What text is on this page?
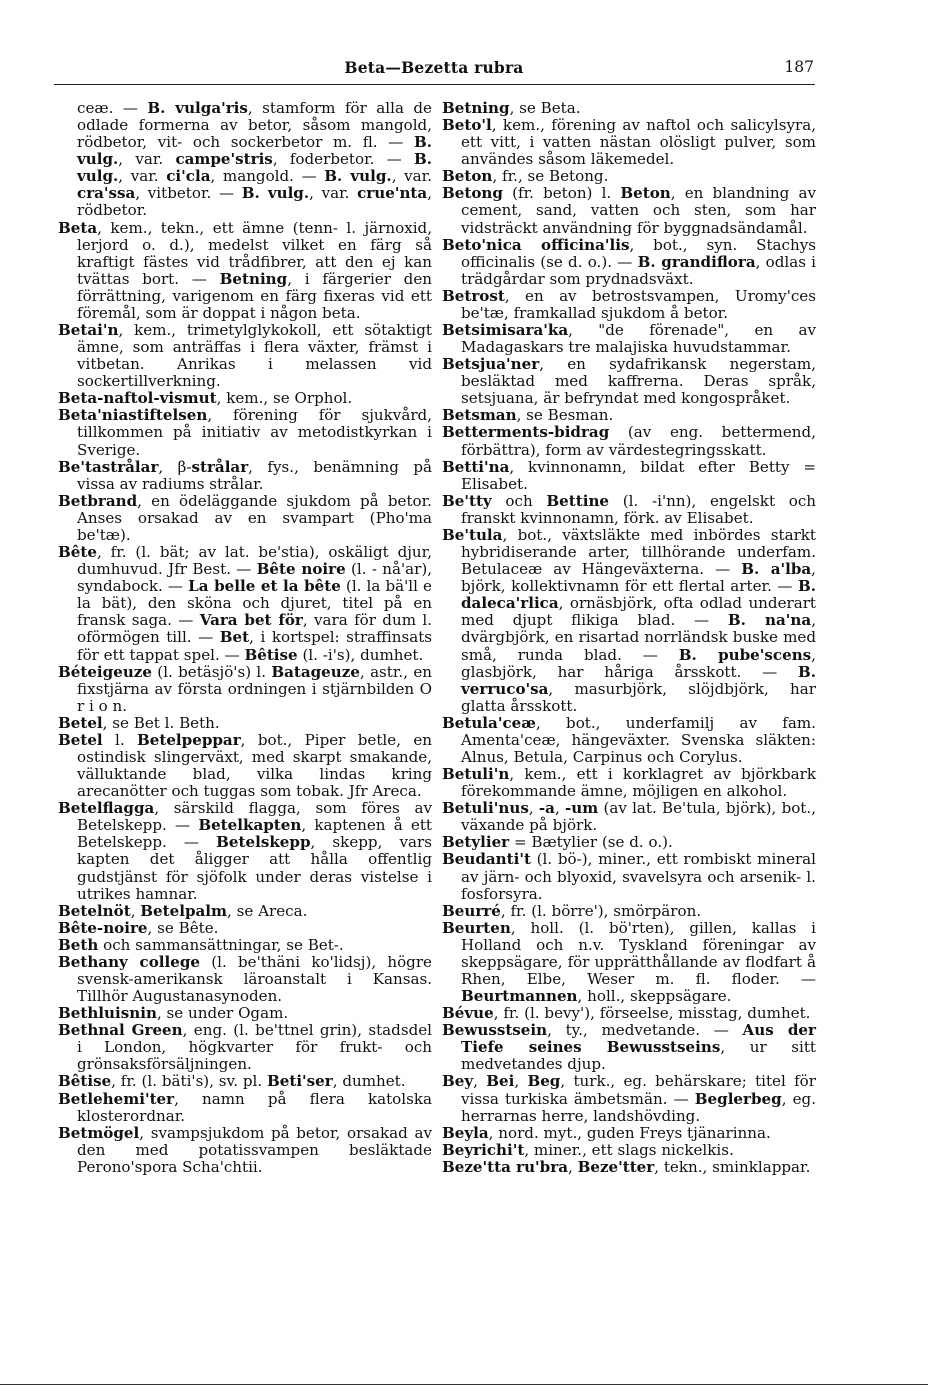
Beta—Bezetta rubra	187

ceæ. — B. vulga'ris, stamform för alla de odlade formerna av betor, såsom mangold, rödbetor, vit- och sockerbetor m. fl. — B. vulg., var. campe'stris, foderbetor. — B. vulg., var. ci'cla, mangold. — B. vulg., var. cra'ssa, vitbetor. — B. vulg., var. crue'nta, rödbetor.

Beta, kem., tekn., ett ämne (tenn- l. järnoxid, lerjord o. d.), medelst vilket en färg så kraftigt fästes vid trådfibrer, att den ej kan tvättas bort. — Betning, i färgerier den förrättning, varigenom en färg fixeras vid ett föremål, som är doppat i någon beta.

Betai'n, kem., trimetylglykokoll, ett sötaktigt ämne, som anträffas i flera växter, främst i vitbetan. Anrikas i melassen vid sockertillverkning.

Beta-naftol-vismut, kem., se Orphol.

Beta'niastiftelsen, förening för sjukvård, tillkommen på initiativ av metodistkyrkan i Sverige.

Be'tastrålar, β-strålar, fys., benämning på vissa av radiums strålar.

Betbrand, en ödeläggande sjukdom på betor. Anses orsakad av en svampart (Pho'ma be'tæ).

Bête, fr. (l. bät; av lat. be'stia), oskäligt djur, dumhuvud. Jfr Best. — Bête noire (l. - nå'ar), syndabock. — La belle et la bête (l. la bä'll e la bät), den sköna och djuret, titel på en fransk saga. — Vara bet för, vara för dum l. oförmögen till. — Bet, i kortspel: straffinsats för ett tappat spel. — Bêtise (l. -i's), dumhet.

Béteigeuze (l. betäsjö's) l. Batageuze, astr., en fixstjärna av första ordningen i stjärnbilden O r i o n.

Betel, se Bet l. Beth.

Betel l. Betelpeppar, bot., Piper betle, en ostindisk slingerväxt, med skarpt smakande, välluktande blad, vilka lindas kring arecanötter och tuggas som tobak. Jfr Areca.

Betelflagga, särskild flagga, som föres av Betelskepp. — Betelkapten, kaptenen å ett Betelskepp. — Betelskepp, skepp, vars kapten det åligger att hålla offentlig gudstjänst för sjöfolk under deras vistelse i utrikes hamnar.

Betelnöt, Betelpalm, se Areca.

Bête-noire, se Bête.

Beth och sammansättningar, se Bet-.

Bethany college (l. be'thäni ko'lidsj), högre svensk-amerikansk läroanstalt i Kansas. Tillhör Augustanasynoden.

Bethluisnin, se under Ogam.

Bethnal Green, eng. (l. be'ttnel grin), stadsdel i London, högkvarter för frukt- och grönsaksförsäljningen.

Bêtise, fr. (l. bäti's), sv. pl. Beti'ser, dumhet.

Betlehemi'ter, namn på flera katolska klosterordnar.

Betmögel, svampsjukdom på betor, orsakad av den med potatissvampen besläktade Perono'spora Scha'chtii.

Betning, se Beta.

Beto'l, kem., förening av naftol och salicylsyra, ett vitt, i vatten nästan olösligt pulver, som användes såsom läkemedel.

Beton, fr., se Betong.

Betong (fr. beton) l. Beton, en blandning av cement, sand, vatten och sten, som har vidsträckt användning för byggnadsändamål.

Beto'nica officina'lis, bot., syn. Stachys officinalis (se d. o.). — B. grandiflora, odlas i trädgårdar som prydnadsväxt.

Betrost, en av betrostsvampen, Uromy'ces be'tæ, framkallad sjukdom å betor.

Betsimisara'ka, "de förenade", en av Madagaskars tre malajiska huvudstammar.

Betsjua'ner, en sydafrikansk negerstam, besläktad med kaffrerna. Deras språk, setsjuana, är befryndat med kongospråket.

Betsman, se Besman.

Betterments-bidrag (av eng. bettermend, förbättra), form av värdestegringsskatt.

Betti'na, kvinnonamn, bildat efter Betty = Elisabet.

Be'tty och Bettine (l. -i'nn), engelskt och franskt kvinnonamn, förk. av Elisabet.

Be'tula, bot., växtsläkte med inbördes starkt hybridiserande arter, tillhörande underfam. Betulaceæ av Hängeväxterna. — B. a'lba, björk, kollektivnamn för ett flertal arter. — B. daleca'rlica, ornäsbjörk, ofta odlad underart med djupt flikiga blad. — B. na'na, dvärgbjörk, en risartad norrländsk buske med små, runda blad. — B. pube'scens, glasbjörk, har håriga årsskott. — B. verruco'sa, masurbjörk, slöjdbjörk, har glatta årsskott.

Betula'ceæ, bot., underfamilj av fam. Amenta'ceæ, hängeväxter. Svenska släkten: Alnus, Betula, Carpinus och Corylus.

Betuli'n, kem., ett i korklagret av björkbark förekommande ämne, möjligen en alkohol.

Betuli'nus, -a, -um (av lat. Be'tula, björk), bot., växande på björk.

Betylier = Bætylier (se d. o.).

Beudanti't (l. bö-), miner., ett rombiskt mineral av järn- och blyoxid, svavelsyra och arsenik- l. fosforsyra.

Beurré, fr. (l. börre'), smörpäron.

Beurten, holl. (l. bö'rten), gillen, kallas i Holland och n.v. Tyskland föreningar av skeppsägare, för upprätthållande av flodfart å Rhen, Elbe, Weser m. fl. floder. — Beurtmannen, holl., skeppsägare.

Bévue, fr. (l. bevy'), förseelse, misstag, dumhet.

Bewusstsein, ty., medvetande. — Aus der Tiefe seines Bewusstseins, ur sitt medvetandes djup.

Bey, Bei, Beg, turk., eg. behärskare; titel för vissa turkiska ämbetsmän. — Beglerbeg, eg. herrarnas herre, landshövding.

Beyla, nord. myt., guden Freys tjänarinna.

Beyrichi't, miner., ett slags nickelkis.

Beze'tta ru'bra, Beze'tter, tekn., sminklappar.
